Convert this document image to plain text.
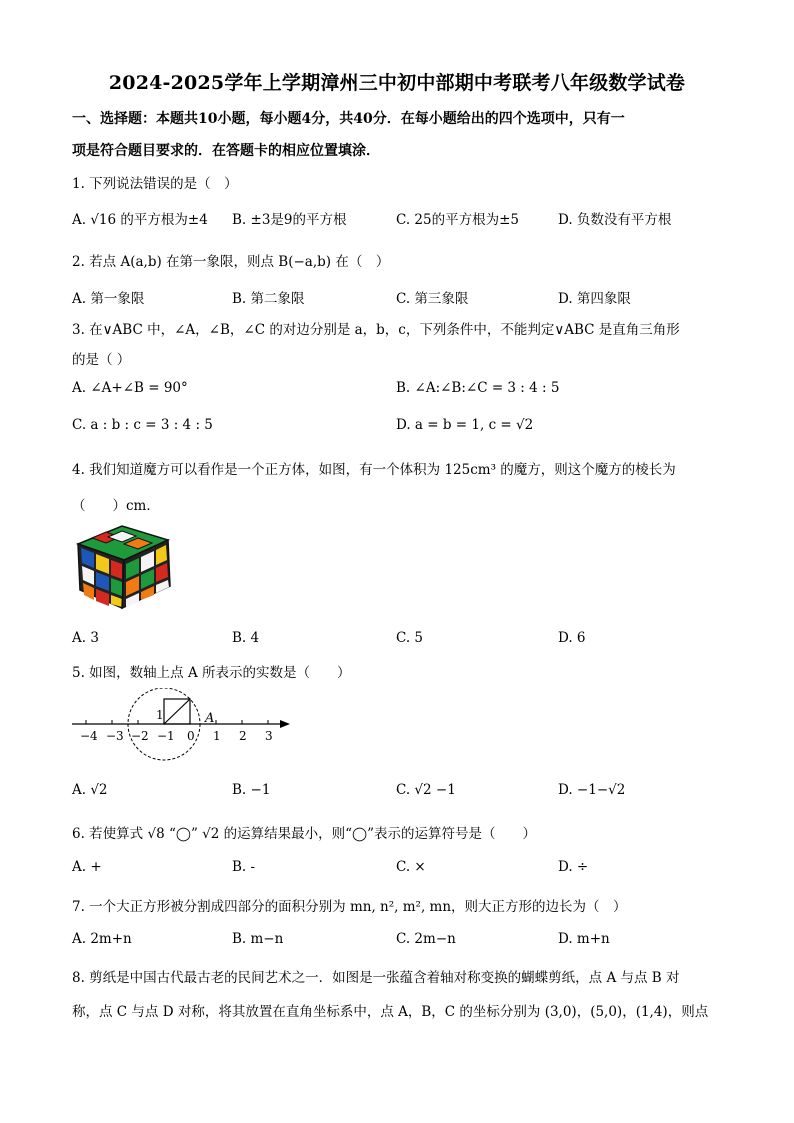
2024-2025学年上学期漳州三中初中部期中考联考八年级数学试卷
一、选择题：本题共10小题，每小题4分，共40分．在每小题给出的四个选项中，只有一
项是符合题目要求的．在答题卡的相应位置填涂．
1. 下列说法错误的是（　）
A. √16 的平方根为±4 B. ±3是9的平方根	C. 25的平方根为±5	D. 负数没有平方根
2. 若点 A(a,b) 在第一象限，则点 B(−a,b) 在（　）
A. 第一象限	B. 第二象限	C. 第三象限	D. 第四象限
3. 在∨ABC 中，∠A，∠B，∠C 的对边分别是 a，b，c，下列条件中，不能判定∨ABC 是直角三角形
的是（ ）
A. ∠A+∠B = 90°	B. ∠A:∠B:∠C = 3 : 4 : 5
C. a : b : c = 3 : 4 : 5	D. a = b = 1, c = √2
4. 我们知道魔方可以看作是一个正方体，如图，有一个体积为 125cm³ 的魔方，则这个魔方的棱长为
（　　）cm．
A. 3	B. 4	C. 5	D. 6
5. 如图，数轴上点 A 所表示的实数是（　　）
1	A
−4 −3 −2 −1 0 1 2 3
A. √2	B. −1	C. √2 −1	D. −1−√2
6. 若使算式 √8 “◯” √2 的运算结果最小，则“◯”表示的运算符号是（　　）
A. +	B. -	C. ×	D. ÷
7. 一个大正方形被分割成四部分的面积分别为 mn, n², m², mn，则大正方形的边长为（　）
A. 2m+n	B. m−n	C. 2m−n	D. m+n
8. 剪纸是中国古代最古老的民间艺术之一．如图是一张蕴含着轴对称变换的蝴蝶剪纸，点 A 与点 B 对
称，点 C 与点 D 对称，将其放置在直角坐标系中，点 A，B，C 的坐标分别为 (3,0)，(5,0)，(1,4)，则点
